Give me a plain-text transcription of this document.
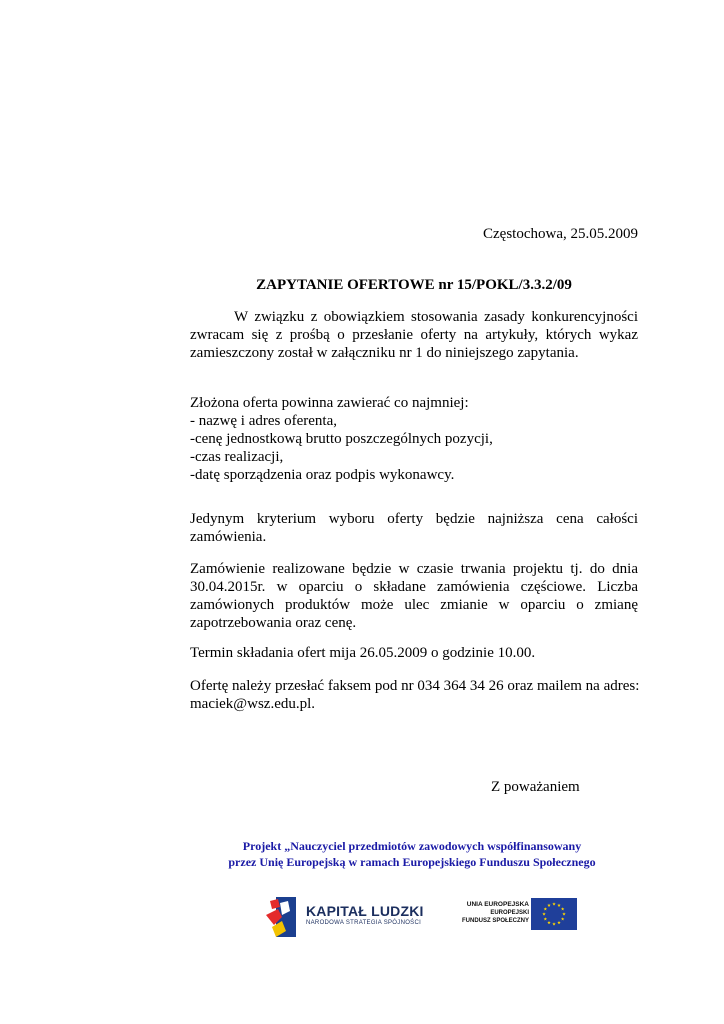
Częstochowa, 25.05.2009
ZAPYTANIE OFERTOWE nr 15/POKL/3.3.2/09
W związku z obowiązkiem stosowania zasady konkurencyjności zwracam się z prośbą o przesłanie oferty na artykuły, których wykaz zamieszczony został w załączniku nr 1 do niniejszego zapytania.
Złożona oferta powinna zawierać co najmniej:
- nazwę i adres oferenta,
-cenę jednostkową brutto poszczególnych pozycji,
-czas realizacji,
-datę sporządzenia oraz podpis wykonawcy.
Jedynym kryterium wyboru oferty będzie najniższa cena całości zamówienia.
Zamówienie realizowane będzie w czasie trwania projektu tj. do dnia 30.04.2015r. w oparciu o składane zamówienia częściowe. Liczba zamówionych produktów może ulec zmianie w oparciu o zmianę zapotrzebowania oraz cenę.
Termin składania ofert mija 26.05.2009 o godzinie 10.00.
Ofertę należy przesłać faksem pod nr 034 364 34 26 oraz mailem na adres:
maciek@wsz.edu.pl.
Z poważaniem
Projekt „Nauczyciel przedmiotów zawodowych współfinansowany
przez Unię Europejską w ramach Europejskiego Funduszu Społecznego
KAPITAŁ LUDZKI
NARODOWA STRATEGIA SPÓJNOŚCI
UNIA EUROPEJSKA
EUROPEJSKI
FUNDUSZ SPOŁECZNY
